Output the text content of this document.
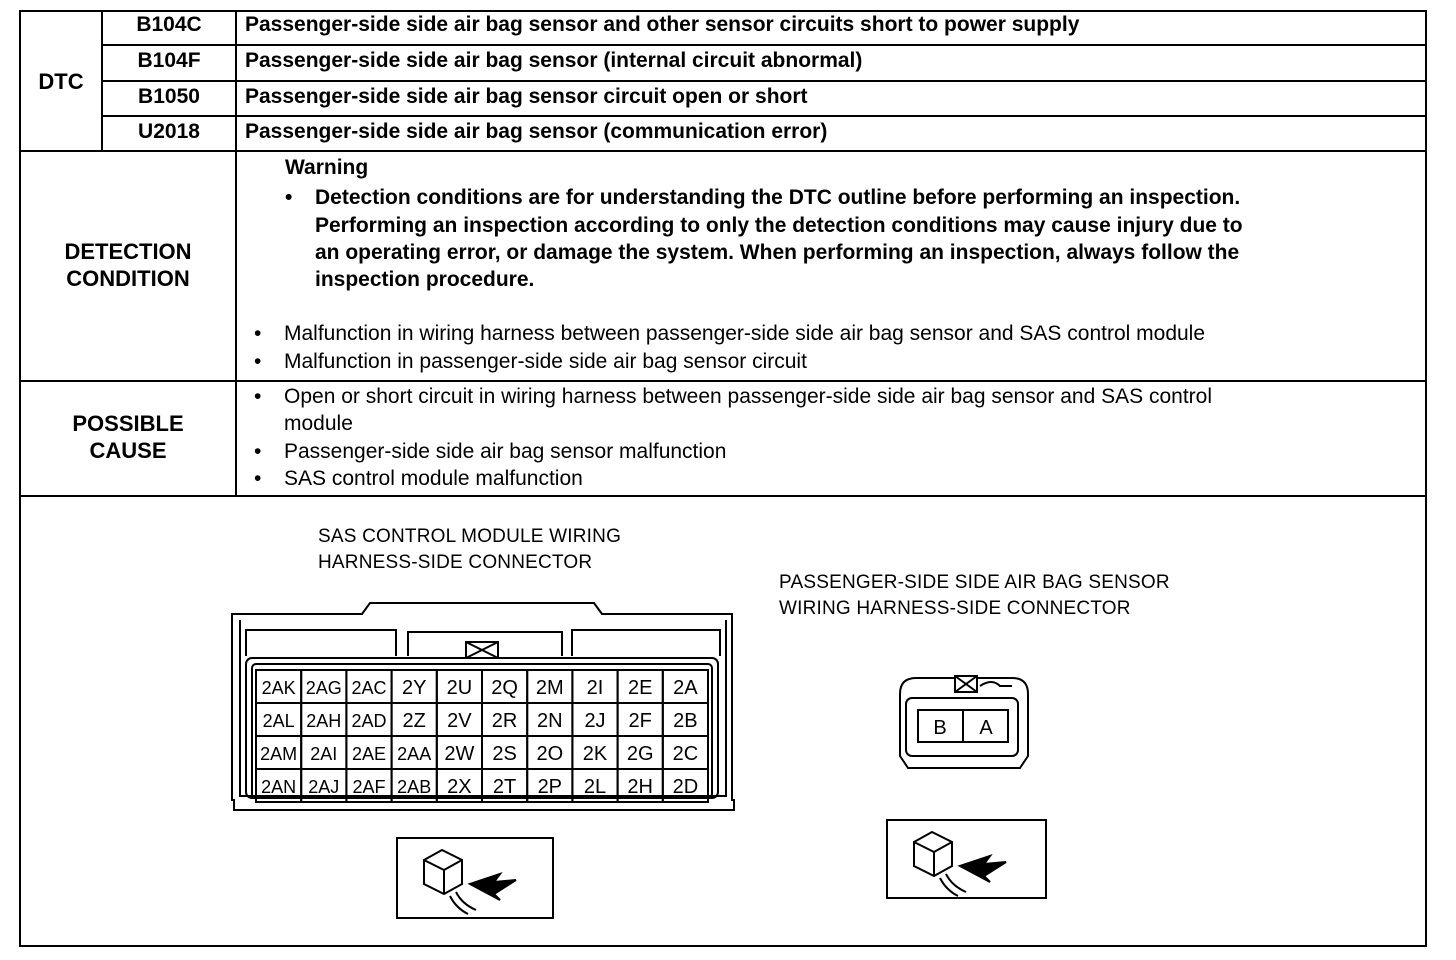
DTC
B104C	Passenger-side side air bag sensor and other sensor circuits short to power supply
B104F	Passenger-side side air bag sensor (internal circuit abnormal)
B1050	Passenger-side side air bag sensor circuit open or short
U2018	Passenger-side side air bag sensor (communication error)
DETECTION
CONDITION
Warning
• Detection conditions are for understanding the DTC outline before performing an inspection.
Performing an inspection according to only the detection conditions may cause injury due to
an operating error, or damage the system. When performing an inspection, always follow the
inspection procedure.
• Malfunction in wiring harness between passenger-side side air bag sensor and SAS control module
• Malfunction in passenger-side side air bag sensor circuit
POSSIBLE
CAUSE
• Open or short circuit in wiring harness between passenger-side side air bag sensor and SAS control
module
• Passenger-side side air bag sensor malfunction
• SAS control module malfunction
SAS CONTROL MODULE WIRING
HARNESS-SIDE CONNECTOR
PASSENGER-SIDE SIDE AIR BAG SENSOR
WIRING HARNESS-SIDE CONNECTOR
2AK 2AG 2AC 2Y 2U 2Q 2M 2I 2E 2A
2AL 2AH 2AD 2Z 2V 2R 2N 2J 2F 2B
2AM 2AI 2AE 2AA 2W 2S 2O 2K 2G 2C
2AN 2AJ 2AF 2AB 2X 2T 2P 2L 2H 2D
B A
